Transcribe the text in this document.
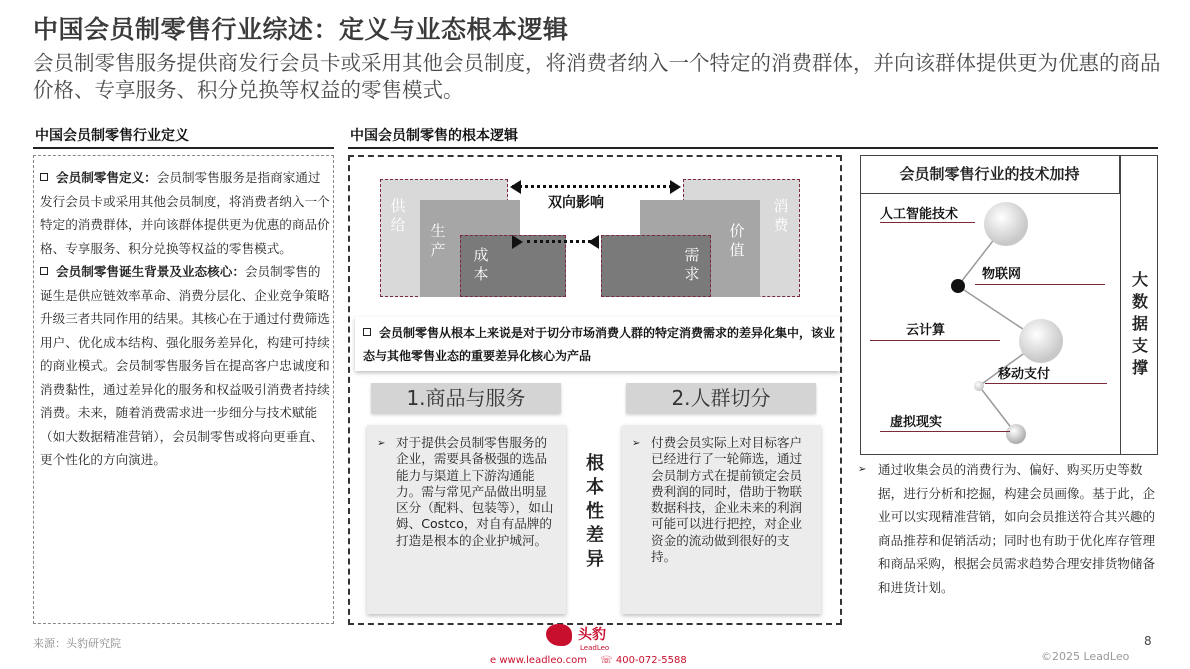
中国会员制零售行业综述：定义与业态根本逻辑
会员制零售服务提供商发行会员卡或采用其他会员制度，将消费者纳入一个特定的消费群体，并向该群体提供更为优惠的商品价格、专享服务、积分兑换等权益的零售模式。
中国会员制零售行业定义
会员制零售定义：会员制零售服务是指商家通过发行会员卡或采用其他会员制度，将消费者纳入一个特定的消费群体，并向该群体提供更为优惠的商品价格、专享服务、积分兑换等权益的零售模式。
会员制零售诞生背景及业态核心：会员制零售的诞生是供应链效率革命、消费分层化、企业竞争策略升级三者共同作用的结果。其核心在于通过付费筛选用户、优化成本结构、强化服务差异化，构建可持续的商业模式。会员制零售服务旨在提高客户忠诚度和消费黏性，通过差异化的服务和权益吸引消费者持续消费。未来，随着消费需求进一步细分与技术赋能（如大数据精准营销），会员制零售或将向更垂直、更个性化的方向演进。
中国会员制零售的根本逻辑
供给 生产 成本
双向影响	消费
价值
需求
会员制零售从根本上来说是对于切分市场消费人群的特定消费需求的差异化集中，该业态与其他零售业态的重要差异化核心为产品
1.商品与服务	2.人群切分
➢ 对于提供会员制零售服务的企业，需要具备极强的选品能力与渠道上下游沟通能力。需与常见产品做出明显区分（配料、包装等），如山姆、Costco，对自有品牌的打造是根本的企业护城河。
根本性差异
➢ 付费会员实际上对目标客户已经进行了一轮筛选，通过会员制方式在提前锁定会员费利润的同时，借助于物联数据科技，企业未来的利润可能可以进行把控，对企业资金的流动做到很好的支持。
会员制零售行业的技术加持
大数据支撑
人工智能技术
物联网
云计算
移动支付
虚拟现实
➢ 通过收集会员的消费行为、偏好、购买历史等数据，进行分析和挖掘，构建会员画像。基于此，企业可以实现精准营销，如向会员推送符合其兴趣的商品推荐和促销活动；同时也有助于优化库存管理和商品采购，根据会员需求趋势合理安排货物储备和进货计划。
来源：头豹研究院	8
©2025 LeadLeo
头豹
LeadLeo
e www.leadleo.com ☏ 400-072-5588
